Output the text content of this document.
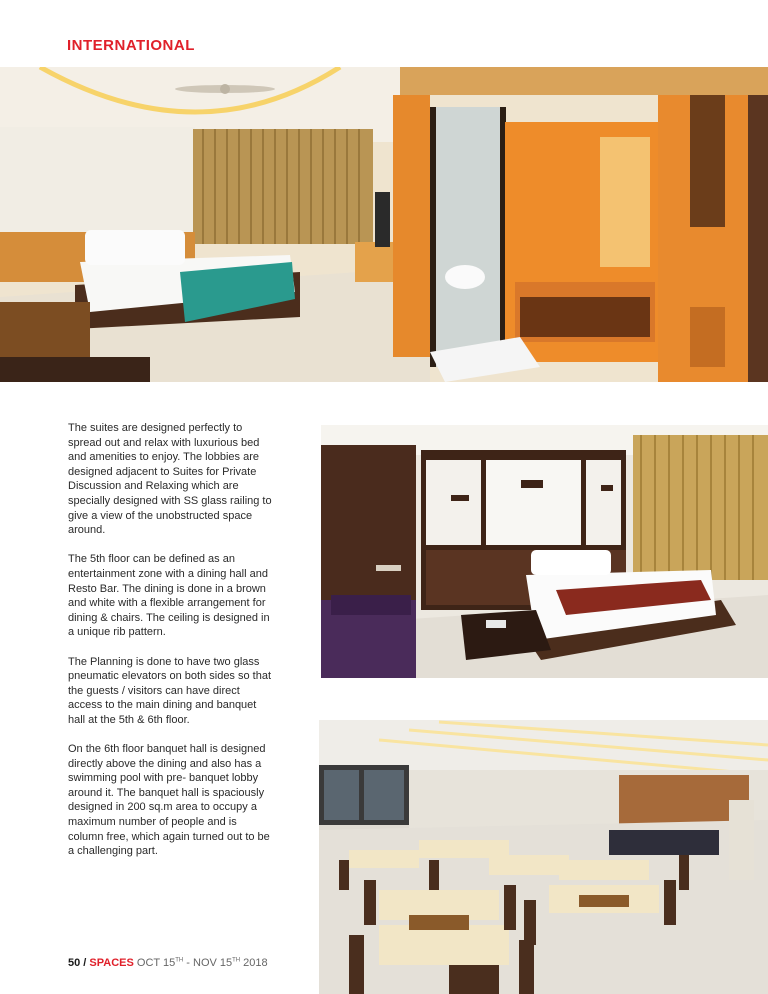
INTERNATIONAL

The suites are designed perfectly to spread out and relax with luxurious bed and amenities to enjoy. The lobbies are designed adjacent to Suites for Private Discussion and Relaxing which are specially designed with SS glass railing to give a view of the unobstructed space around.

The 5th floor can be defined as an entertainment zone with a dining hall and Resto Bar. The dining is done in a brown and white with a flexible arrangement for dining & chairs. The ceiling is designed in a unique rib pattern.

The Planning is done to have two glass pneumatic elevators on both sides so that the guests / visitors can have direct access to the main dining and banquet hall at the 5th & 6th floor.

On the 6th floor banquet hall is designed directly above the dining and also has a swimming pool with pre- banquet lobby around it. The banquet hall is spaciously designed in 200 sq.m area to occupy a maximum number of people and is column free, which again turned out to be a challenging part.

50 / SPACES OCT 15TH - NOV 15TH 2018
